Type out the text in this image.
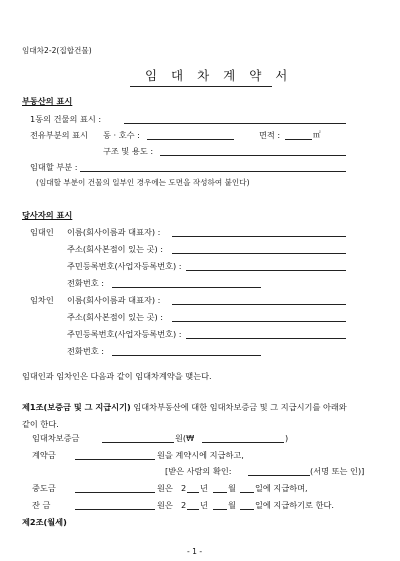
임대차2-2(집합건물)
임 대 차 계 약 서
부동산의 표시
1동의 건물의 표시 :
전유부분의 표시 동 · 호수 :	면적 :	㎡
구조 및 용도 :
임대할 부분 :
(임대할 부분이 건물의 일부인 경우에는 도면을 작성하여 붙인다)
당사자의 표시
임대인 이름(회사이름과 대표자) :
주소(회사본점이 있는 곳) :
주민등록번호(사업자등록번호) :
전화번호 :
임차인 이름(회사이름과 대표자) :
주소(회사본점이 있는 곳) :
주민등록번호(사업자등록번호) :
전화번호 :
임대인과 임차인은 다음과 같이 임대차계약을 맺는다.
제1조(보증금 및 그 지급시기) 임대차부동산에 대한 임대차보증금 및 그 지급시기를 아래와
같이 한다.
임대차보증금	원(₩	)
계약금	원을 계약시에 지급하고,
[받은 사람의 확인:	(서명 또는 인)]
중도금	원은 2 년 월 일에 지급하며,
잔 금	원은 2 년 월 일에 지급하기로 한다.
제2조(월세)
- 1 -
